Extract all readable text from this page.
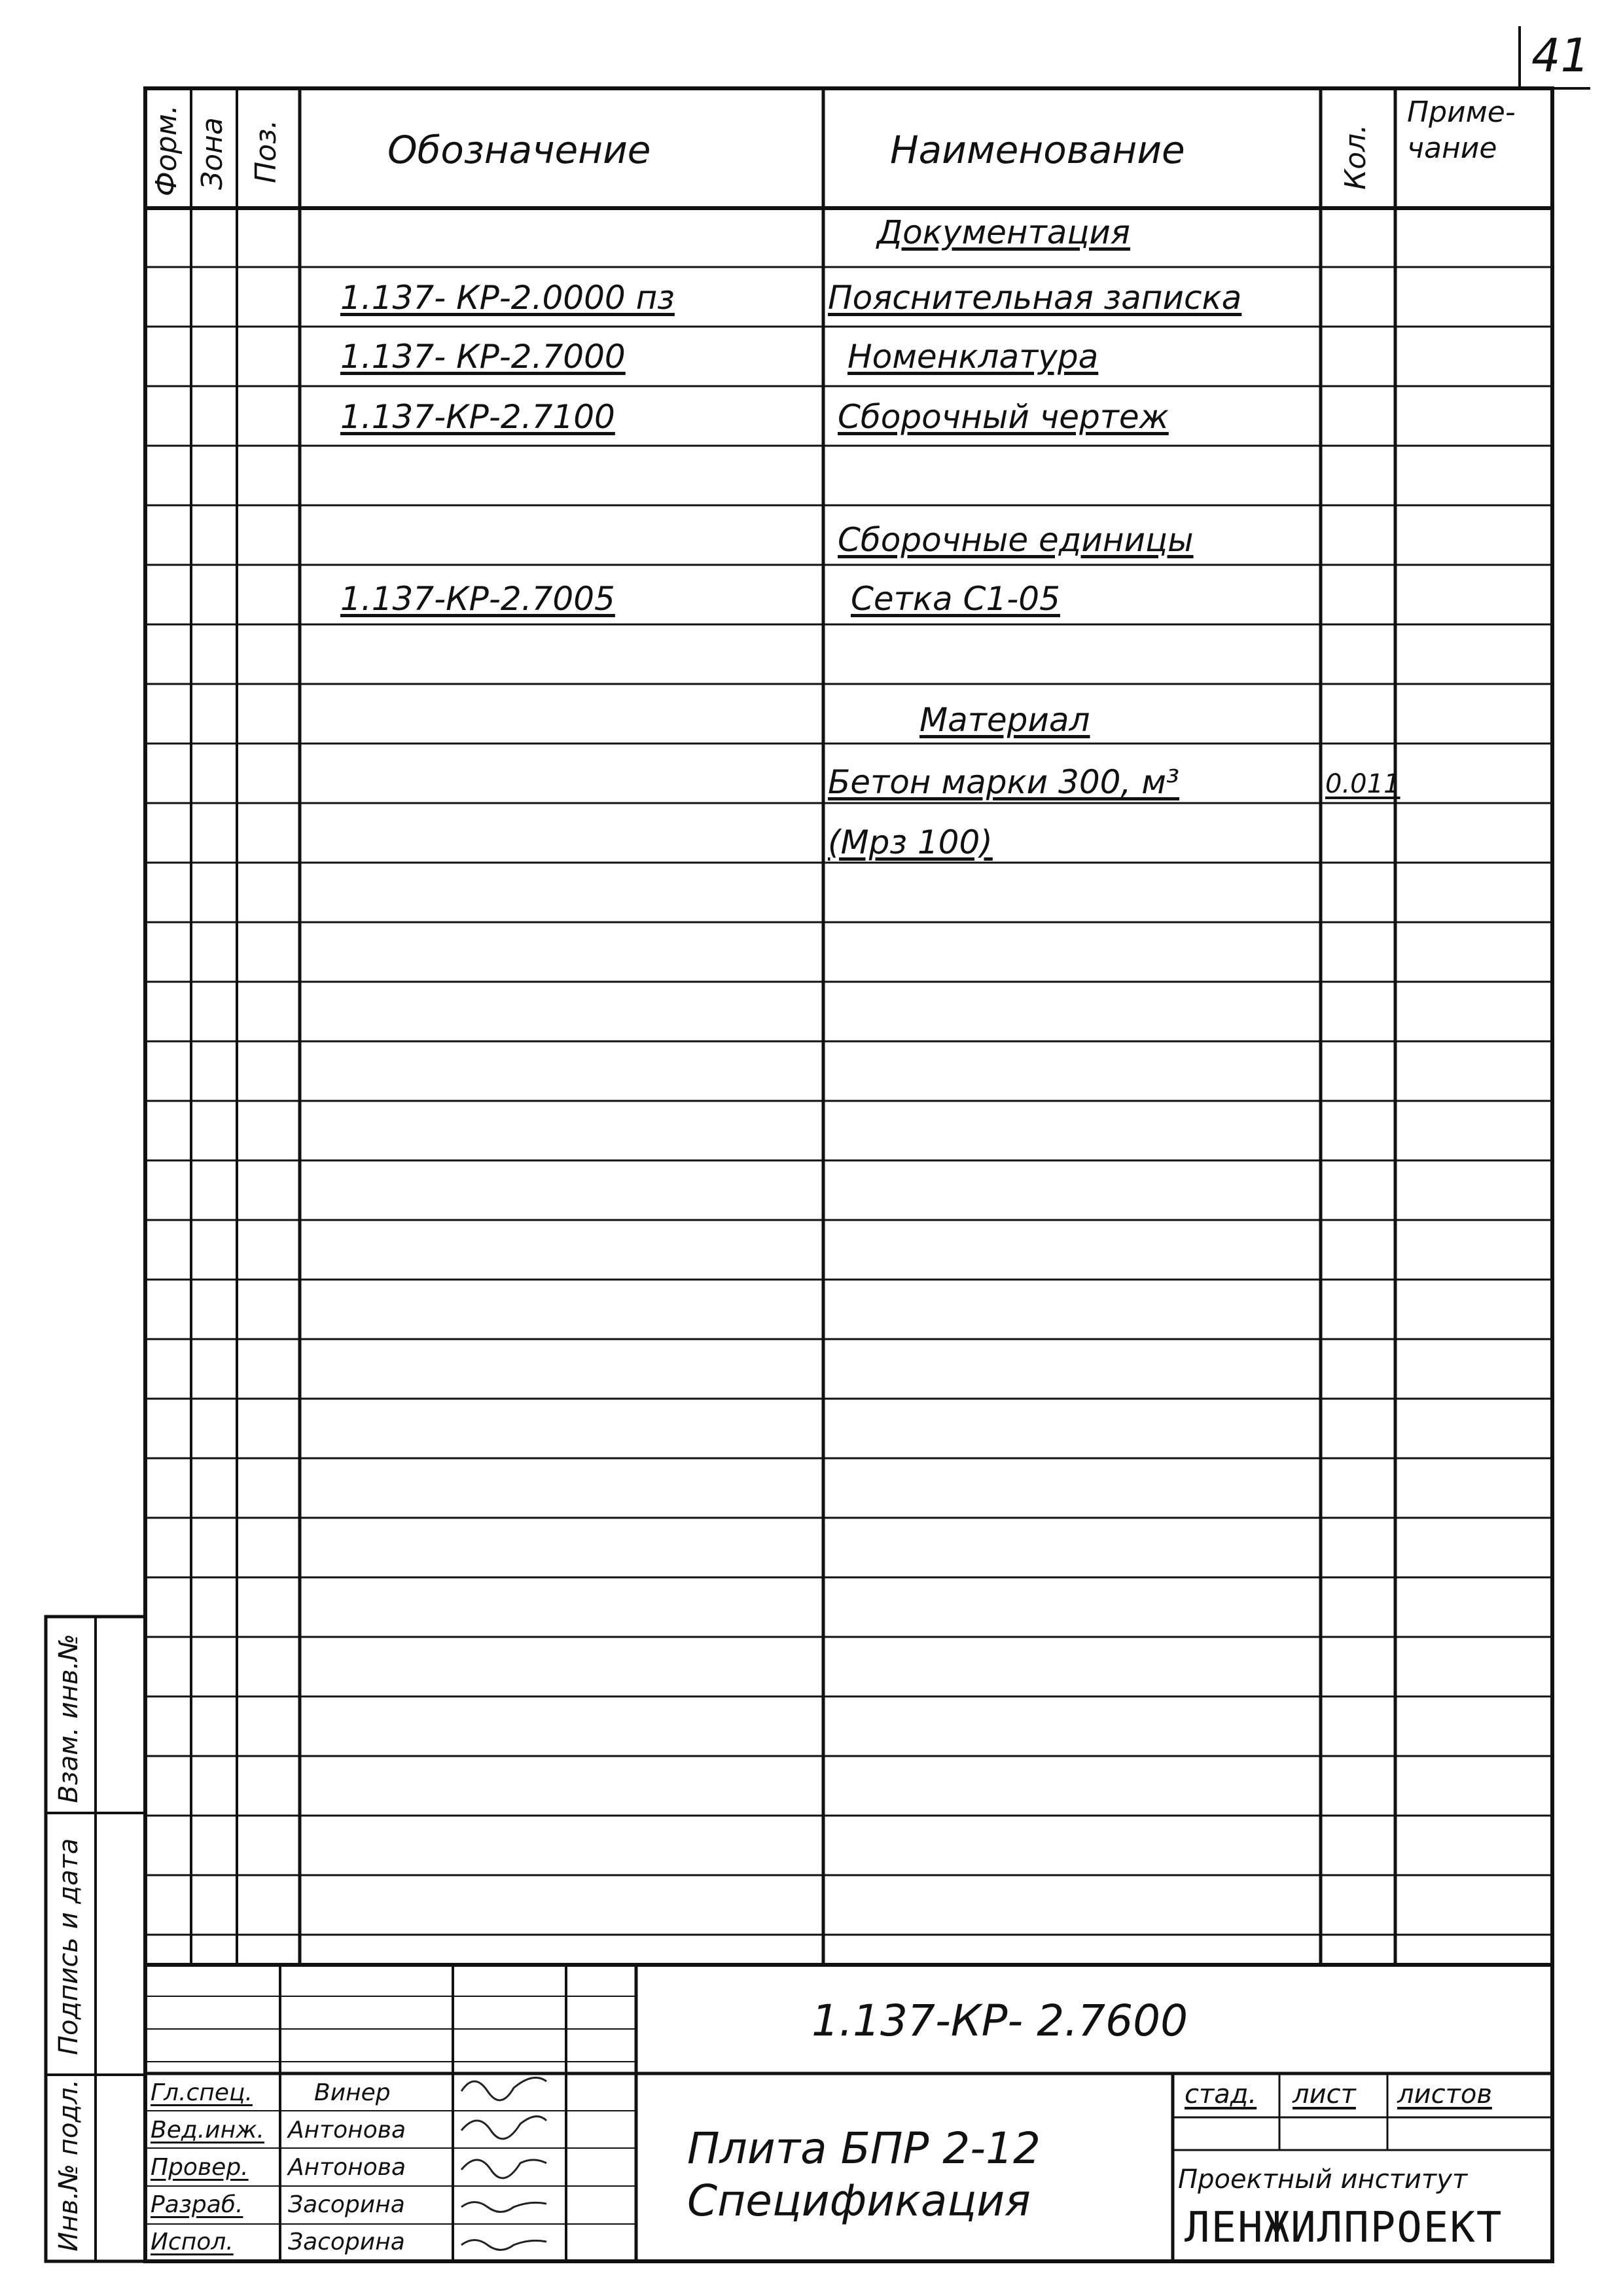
41
Форм. Зона Поз.	Обозначение	Наименование	Кол.
Приме-
чание
Документация
1.137- КР-2.0000 пз	Пояснительная записка
1.137- КР-2.7000	Номенклатура
1.137-КР-2.7100	Сборочный чертеж
Сборочные единицы
1.137-КР-2.7005	Сетка С1-05
Материал
Бетон марки 300, м³	0.011
(Мрз 100)
Инв.№ подл.
Подпись и дата
Взам. инв.№
1.137-КР- 2.7600
Плита БПР 2-12
Спецификация
стад. лист листов
Проектный институт
ЛЕНЖИЛПРОЕКТ
Гл.спец.	Винер
Вед.инж. Антонова
Провер. Антонова
Разраб. Засорина
Испол. Засорина
